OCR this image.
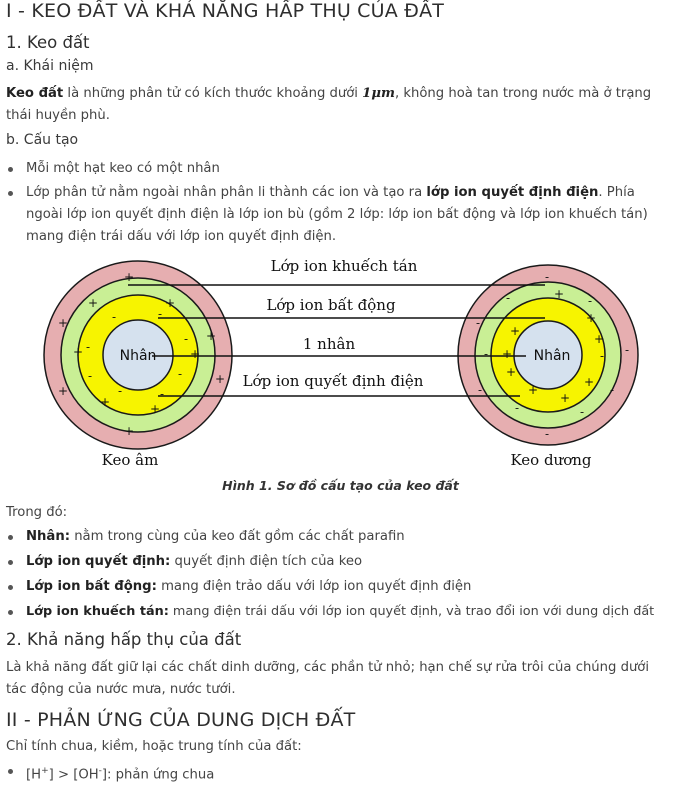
I - KEO ĐẤT VÀ KHẢ NĂNG HẤP THỤ CỦA ĐẤT
1. Keo đất
a. Khái niệm
Keo đất là những phân tử có kích thước khoảng dưới 1μm, không hoà tan trong nước mà ở trạng thái huyền phù.
b. Cấu tạo
Mỗi một hạt keo có một nhân
Lớp phân tử nằm ngoài nhân phân li thành các ion và tạo ra lớp ion quyết định điện. Phía ngoài lớp ion quyết định điện là lớp ion bù (gồm 2 lớp: lớp ion bất động và lớp ion khuếch tán) mang điện trái dấu với lớp ion quyết định điện.
Nhân
+
+
+
+
+
+
+	+
+	+
+	+
-	-
-
-
-
-	-
-
Nhân
-
-
-
-
-
-
-	-
-	-
-	-
+
+
+
+
+
+
+
+
+
Lớp ion khuếch tán
Lớp ion bất động
1 nhân
Lớp ion quyết định điện
Keo âm	Keo dương
Hình 1. Sơ đồ cấu tạo của keo đất
Trong đó:
Nhân: nằm trong cùng của keo đất gồm các chất parafin
Lớp ion quyết định: quyết định điện tích của keo
Lớp ion bất động: mang điện trảo dấu với lớp ion quyết định điện
Lớp ion khuếch tán: mang điện trái dấu với lớp ion quyết định, và trao đổi ion với dung dịch đất
2. Khả năng hấp thụ của đất
Là khả năng đất giữ lại các chất dinh dưỡng, các phần tử nhỏ; hạn chế sự rửa trôi của chúng dưới tác động của nước mưa, nước tưới.
II - PHẢN ỨNG CỦA DUNG DỊCH ĐẤT
Chỉ tính chua, kiềm, hoặc trung tính của đất:
[H+] > [OH-]: phản ứng chua
